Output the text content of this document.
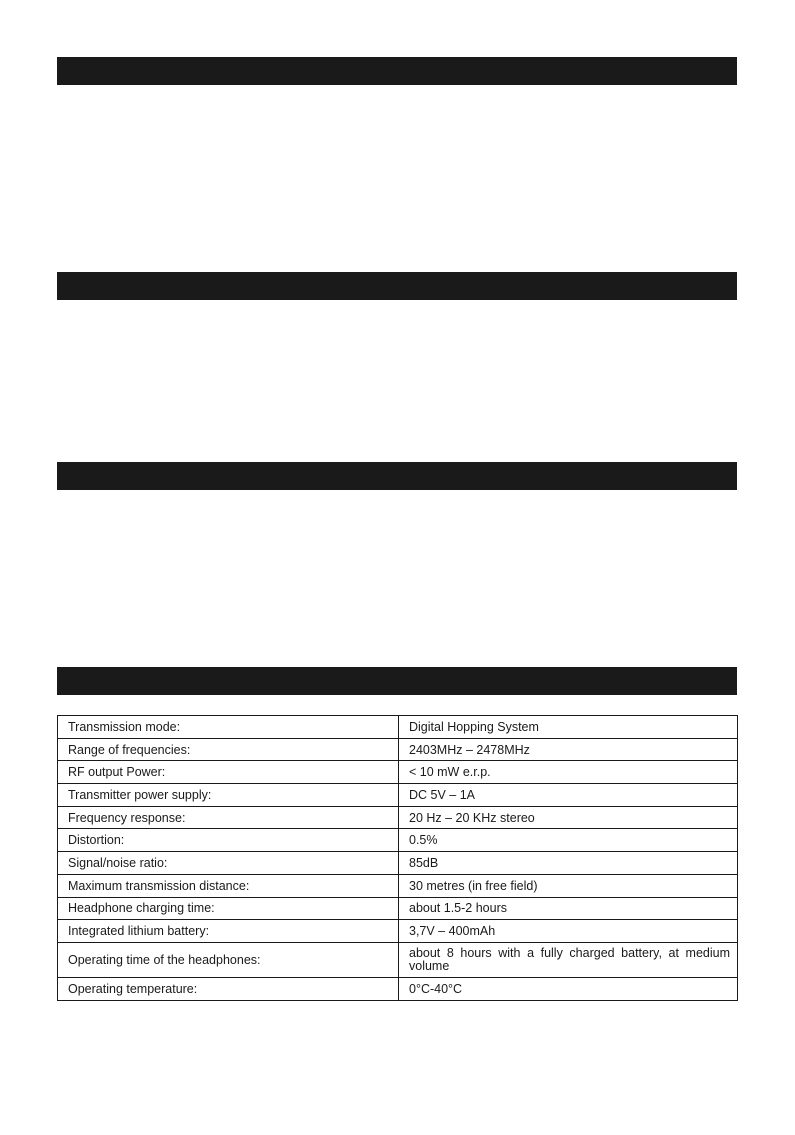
Transmission mode:	Digital Hopping System
Range of frequencies:	2403MHz – 2478MHz
RF output Power:	< 10 mW e.r.p.
Transmitter power supply:	DC 5V – 1A
Frequency response:	20 Hz – 20 KHz stereo
Distortion:	0.5%
Signal/noise ratio:	85dB
Maximum transmission distance:	30 metres (in free field)
Headphone charging time:	about 1.5-2 hours
Integrated lithium battery:	3,7V – 400mAh
Operating time of the headphones:	about 8 hours with a fully charged battery, at medium volume
Operating temperature:	0°C-40°C
